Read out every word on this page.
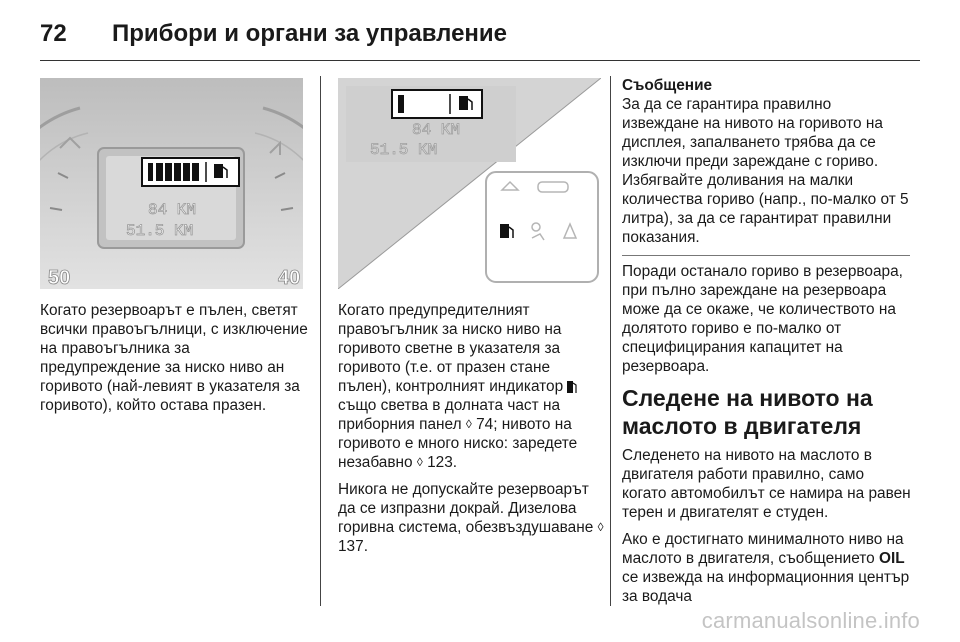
72	Прибори и органи за управление
84 KM
51.5 KM
50	40
84 KM
51.5 KM

Когато резервоарът е пълен, светят всички правоъгълници, с изключение на правоъгълника за предупреждение за ниско ниво ан горивото (най-левият в указателя за горивото), който остава празен.

Когато предупредителният правоъгълник за ниско ниво на горивото светне в указателя за горивото (т.е. от празен стане пълен), контролният индикатор  също светва в долната част на приборния панел ◊ 74; нивото на горивото е много ниско: заредете незабавно ◊ 123.

Никога не допускайте резервоарът да се изпразни докрай. Дизелова горивна система, обезвъздушаване ◊ 137.

Съобщение

За да се гарантира правилно извеждане на нивото на горивото на дисплея, запалването трябва да се изключи преди зареждане с гориво. Избягвайте доливания на малки количества гориво (напр., по-малко от 5 литра), за да се гарантират правилни показания.

Поради останало гориво в резервоара, при пълно зареждане на резервоара може да се окаже, че количеството на долятото гориво е по-малко от специфицирания капацитет на резервоара.

Следене на нивото на маслото в двигателя

Следенето на нивото на маслото в двигателя работи правилно, само когато автомобилът се намира на равен терен и двигателят е студен.

Ако е достигнато минималното ниво на маслото в двигателя, съобщението OIL се извежда на информационния център за водача

carmanualsonline.info
